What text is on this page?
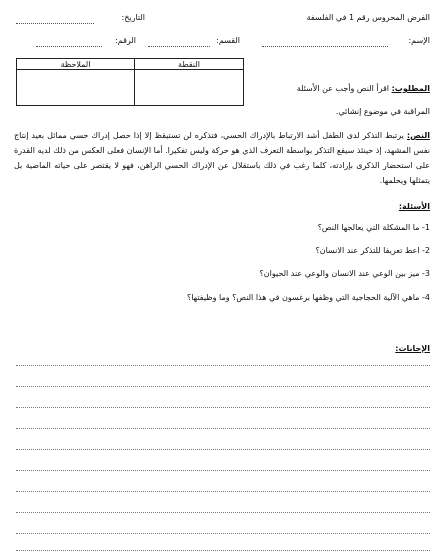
الفرض المحروس رقم 1 في الفلسفة
التاريخ:
الإسم:
القسم:
الرقم:
النقطة	الملاحظة

المطلوب: اقرأ النص وأجب عن الأسئلة
المراقبة في موضوع إنشائي.
النص: يرتبط التذكر لدى الطفل أشد الارتباط بالإدراك الحسي، فتذكره لن تستيقظ إلا إذا حصل إدراك حسي مماثل بعيد إنتاج نفس المشهد، إذ حينئذ سيقع التذكر بواسطة التعرف الذي هو حركة وليس تفكيرا. أما الإنسان فعلى العكس من ذلك لديه القدرة على استحضار الذكرى بإرادته، كلما رغب في ذلك باستقلال عن الإدراك الحسي الراهن، فهو لا يقتصر على حياته الماضية بل يتمثلها ويحلمها.
الأسئلة:
1- ما المشكلة التي يعالجها النص؟
2- اعط تعريفا للتذكر عند الانسان؟
3- ميز بين الوعي عند الانسان والوعي عند الحيوان؟
4- ماهي الآلية الحجاجية التي وظفها برغسون في هذا النص؟ وما وظيفتها؟
الإجابات:
